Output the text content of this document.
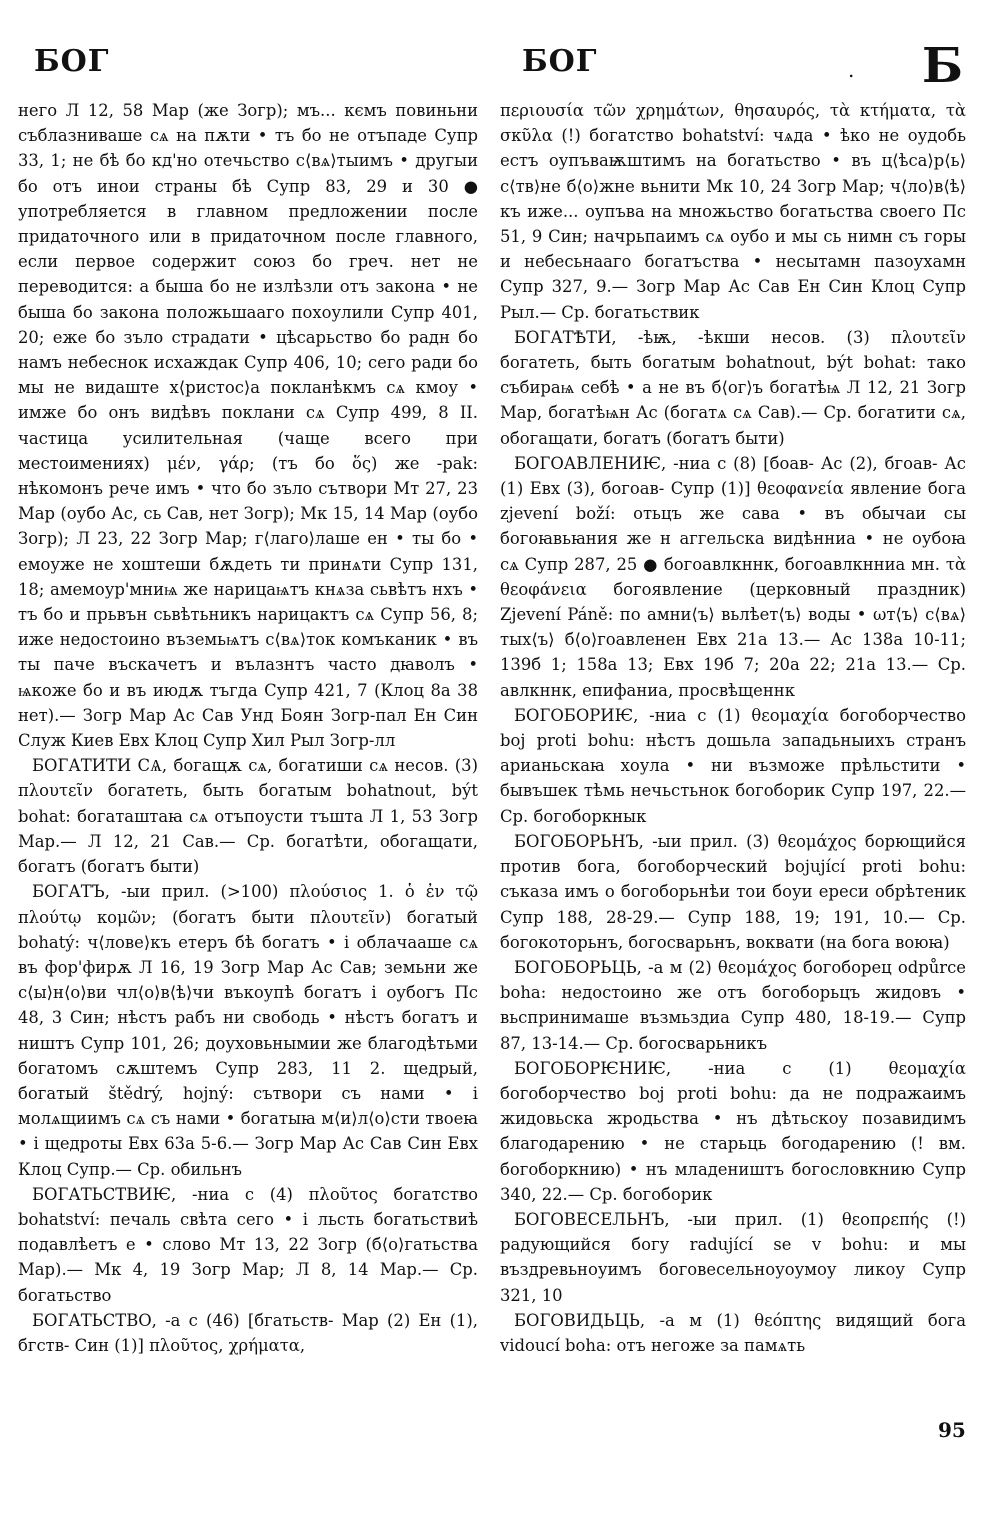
БОГ	БОГ	. Б

него Л 12, 58 Мар (же Зогр); мъ... кємъ повиньни съблазниваше сѧ на пѫти • тъ бо не отъпаде Супр 33, 1; не бѣ бо кд'но отечьство с⟨вѧ⟩тыимъ • другыи бо отъ инои страны бѣ Супр 83, 29 и 30 ● употребляется в главном предложении после придаточного или в придаточном после главного, если первое содержит союз бо греч. нет не переводится: а быша бо не излѣзли отъ закона • не быша бо закона положьшааго похоулили Супр 401, 20; еже бо зъло страдати • цѣсарьство бо радн бо намъ небеснок исхаждак Супр 406, 10; сего ради бо мы не видаште х⟨ристос⟩а покланѣкмъ сѧ кмоу • имже бо онъ видѣвъ поклани сѧ Супр 499, 8 II. частица усилительная (чаще всего при местоимениях) μέν, γάρ; (тъ бо ὅς) же -pak: нѣкомонъ рече имъ • что бо зъло сътвори Мт 27, 23 Мар (оубо Ас, сь Сав, нет Зогр); Мк 15, 14 Мар (оубо Зогр); Л 23, 22 Зогр Мар; г⟨лаго⟩лаше ен • ты бо • емоуже не хоштеши бѫдеть ти принѧти Супр 131, 18; амемоур'мниѩ же нарицаѩтъ кнѧза сьвѣтъ нхъ • тъ бо и прьвън сьвѣтьникъ нарицактъ сѧ Супр 56, 8; иже недостоино въземьѩтъ с⟨вѧ⟩ток комъканик • въ ты паче въскачетъ и вълазнтъ часто дꙗволъ • ѩкоже бо и въ июдѫ тъгда Супр 421, 7 (Клоц 8а 38 нет).— Зогр Мар Ас Сав Унд Боян Зогр-пал Ен Син Служ Киев Евх Клоц Супр Хил Рыл Зогр-лл

БОГАТИТИ СѦ, богащѫ сѧ, богатиши сѧ несов. (3) πλουτεῖν богатеть, быть богатым bohatnout, být bohat: богаташтаꙗ сѧ отъпоусти тъшта Л 1, 53 Зогр Мар.— Л 12, 21 Сав.— Ср. богатѣти, обогащати, богатъ (богатъ быти)

БОГАТЪ, -ыи прил. (>100) πλούσιος 1. ὁ ἐν τῷ πλούτῳ κομῶν; (богатъ быти πλουτεῖν) богатый bohatý: ч⟨лове⟩къ етеръ бѣ богатъ • і облачааше сѧ въ фор'фирѫ Л 16, 19 Зогр Мар Ас Сав; земьни же с⟨ы⟩н⟨о⟩ви чл⟨о⟩в⟨ѣ⟩чи въкоупѣ богатъ і оубогъ Пс 48, 3 Син; нѣстъ рабъ ни свободь • нѣстъ богатъ и ништъ Супр 101, 26; доуховьнымии же благодѣтьми богатомъ сѫштемъ Супр 283, 11 2. щедрый, богатый štědrý, hojný: сътвори съ нами • і молѧщиимъ сѧ съ нами • богатыꙗ м⟨и⟩л⟨о⟩сти твоеꙗ • і щедроты Евх 63а 5-6.— Зогр Мар Ас Сав Син Евх Клоц Супр.— Ср. обильнъ

БОГАТЬСТВИѤ, -ниа с (4) πλοῦτος богатство bohatství: печаль свѣта сего • і льсть богатьствиѣ подавлѣетъ е • слово Мт 13, 22 Зогр (б⟨о⟩гатьства Мар).— Мк 4, 19 Зогр Мар; Л 8, 14 Мар.— Ср. богатьство

БОГАТЬСТВО, -а с (46) [бгатьств- Мар (2) Ен (1), бгств- Син (1)] πλοῦτος, χρήματα,

περιουσία τῶν χρημάτων, θησαυρός, τὰ κτήματα, τὰ σκῦλα (!) богатство bohatství: чѧда • ѣко не оудобь естъ оупъваѭштимъ на богатьство • въ ц⟨ѣса⟩р⟨ь⟩с⟨тв⟩не б⟨о⟩жне вьнити Мк 10, 24 Зогр Мар; ч⟨ло⟩в⟨ѣ⟩къ иже... оупъва на множьство богатьства своего Пс 51, 9 Син; начрьпаимъ сѧ оубо и мы сь нимн съ горы и небесьнааго богатъства • несытамн пазоухамн Супр 327, 9.— Зогр Мар Ас Сав Ен Син Клоц Супр Рыл.— Ср. богатьствик

БОГАТѢТИ, -ѣѭ, -ѣкши несов. (3) πλουτεῖν богатеть, быть богатым bohatnout, být bohat: тако събираѩ себѣ • а не въ б⟨ог⟩ъ богатѣѩ Л 12, 21 Зогр Мар, богатѣѩн Ас (богатѧ сѧ Сав).— Ср. богатити сѧ, обогащати, богатъ (богатъ быти)

БОГОАВЛЕНИѤ, -ниа с (8) [бoав- Ас (2), бгoав- Ас (1) Евх (3), богoав- Супр (1)] θεοφανεία явление бога zjevení boží: отьцъ же сава • въ обычаи сы богоꙗвьꙗния же н аггельска видѣнниа • не оубоꙗ сѧ Супр 287, 25 ● богоавлкннк, богоавлкнниа мн. τὰ θεοφάνεια богоявление (церковный праздник) Zjevení Páně: по амни⟨ъ⟩ вьлѣет⟨ъ⟩ воды • ωт⟨ъ⟩ с⟨вѧ⟩тых⟨ъ⟩ б⟨о⟩гоавленен Евх 21а 13.— Ас 138а 10-11; 139б 1; 158а 13; Евх 19б 7; 20а 22; 21а 13.— Ср. авлкннк, епифаниа, просвѣщеннк

БОГОБОРИѤ, -ниа с (1) θεομαχία богоборчество boj proti bohu: нѣстъ дошьла западьныихъ странъ арианьскаꙗ хоула • ни възможе прѣльстити • бывъшек тѣмь нечьстьнок богоборик Супр 197, 22.— Ср. богоборкнык

БОГОБОРЬНЪ, -ыи прил. (3) θεομάχος борющийся против бога, богоборческий bojující proti bohu: съказа имъ о богоборьнѣи тои боуи ереси обрѣтеник Супр 188, 28-29.— Супр 188, 19; 191, 10.— Ср. богокоторьнъ, богосварьнъ, воквати (на бога воюꙗ)

БОГОБОРЬЦЬ, -а м (2) θεομάχος богоборец odpůrce boha: недостоино же отъ богоборьцъ жидовъ • вьспринимаше възмьздиа Супр 480, 18-19.— Супр 87, 13-14.— Ср. богосварьникъ

БОГОБОРѤНИѤ, -ниа с (1) θεομαχία богоборчество boj proti bohu: да не подражаимъ жидовьска жродьства • нъ дѣтьскоу позавидимъ благодарению • не старьць богодарению (! вм. богоборкнию) • нъ младеништъ богословкнию Супр 340, 22.— Ср. богоборик

БОГОВЕСЕЛЬНЪ, -ыи прил. (1) θεοπρεπής (!) радующийся богу radující se v bohu: и мы въздревьноуимъ боговесельноуоумоу ликоу Супр 321, 10

БОГОВИДЬЦЬ, -а м (1) θεόπτης видящий бога vidoucí boha: отъ негоже за памѧть

95
